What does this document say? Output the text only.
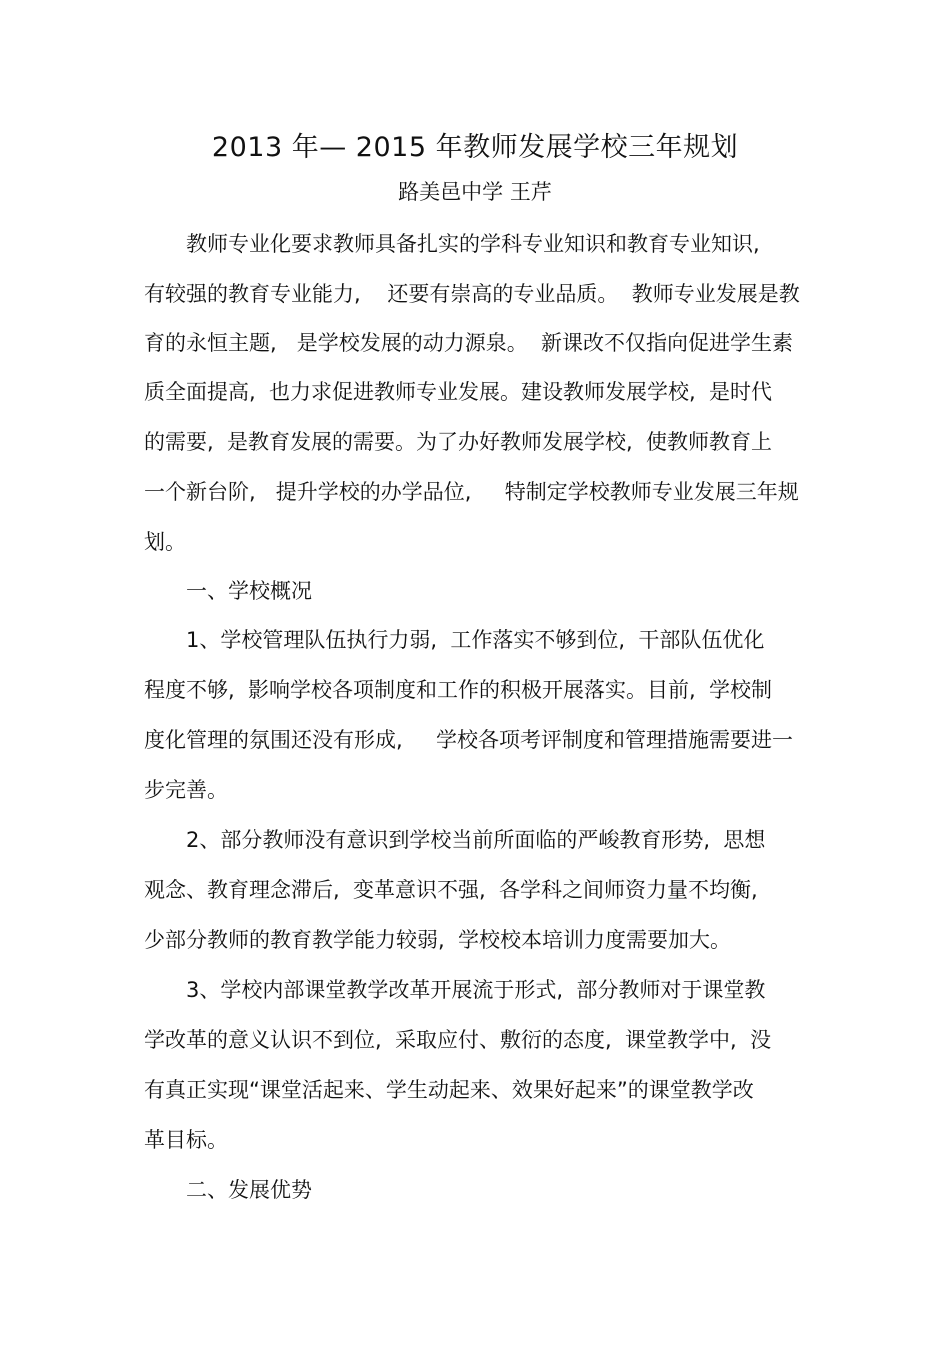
2013 年— 2015 年教师发展学校三年规划
路美邑中学 王芹
教师专业化要求教师具备扎实的学科专业知识和教育专业知识,
有较强的教育专业能力,    还要有崇高的专业品质。  教师专业发展是教
育的永恒主题,   是学校发展的动力源泉。  新课改不仅指向促进学生素
质全面提高,  也力求促进教师专业发展。建设教师发展学校,  是时代
的需要,  是教育发展的需要。为了办好教师发展学校,  使教师教育上
一个新台阶,   提升学校的办学品位,     特制定学校教师专业发展三年规
划。
一、学校概况
1、学校管理队伍执行力弱,  工作落实不够到位,  干部队伍优化
程度不够,  影响学校各项制度和工作的积极开展落实。目前,  学校制
度化管理的氛围还没有形成,     学校各项考评制度和管理措施需要进一
步完善。
2、部分教师没有意识到学校当前所面临的严峻教育形势,  思想
观念、教育理念滞后,  变革意识不强,  各学科之间师资力量不均衡,
少部分教师的教育教学能力较弱,  学校校本培训力度需要加大。
3、学校内部课堂教学改革开展流于形式,  部分教师对于课堂教
学改革的意义认识不到位,  采取应付、敷衍的态度,  课堂教学中,  没
有真正实现“课堂活起来、学生动起来、效果好起来”的课堂教学改
革目标。
二、发展优势
